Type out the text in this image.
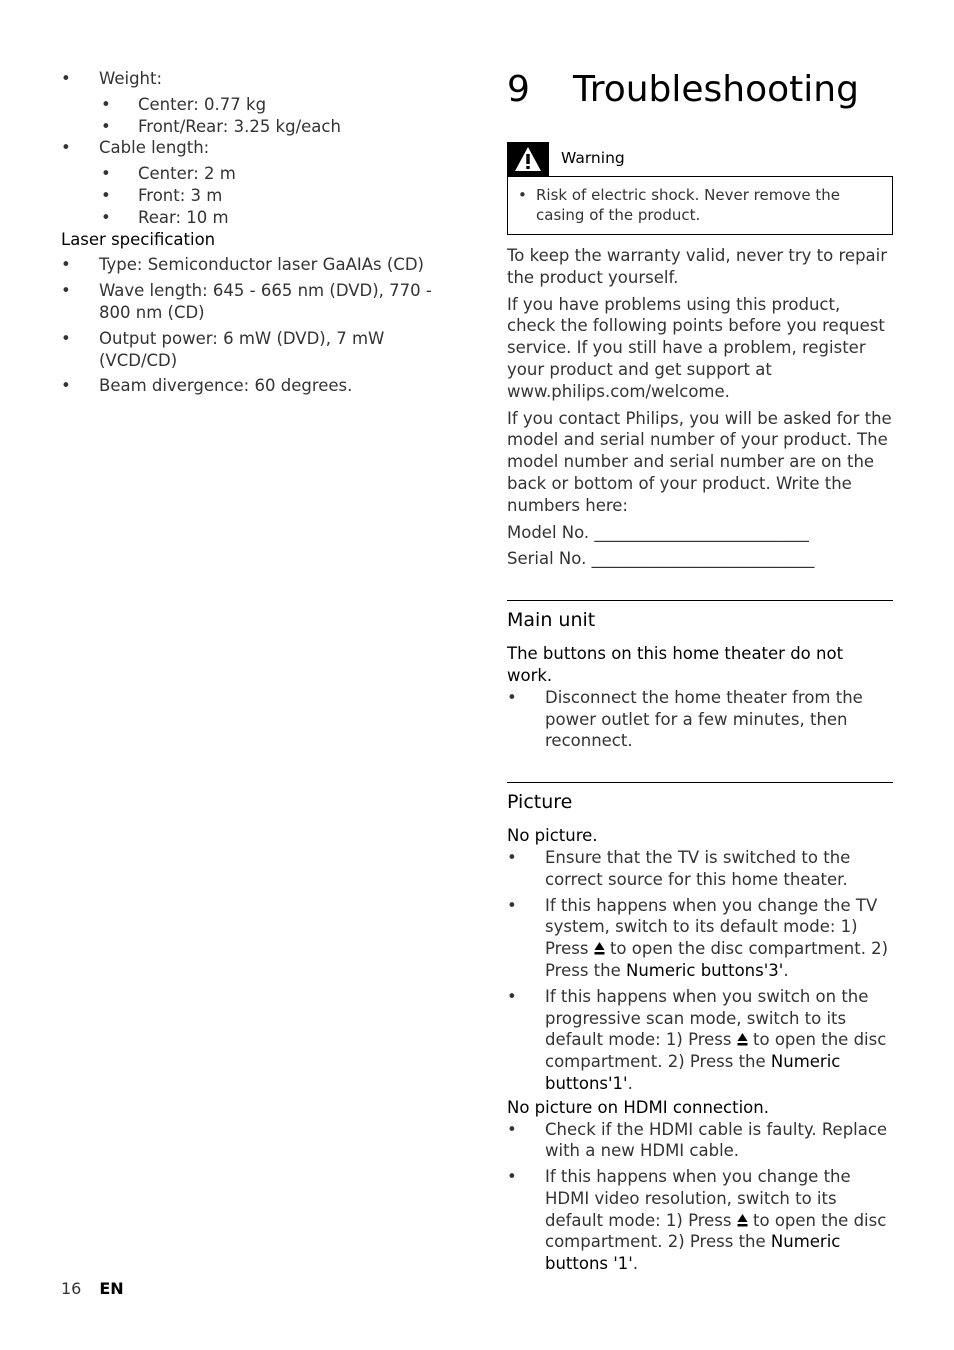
• Weight:
• Center: 0.77 kg
• Front/Rear: 3.25 kg/each
• Cable length:
• Center: 2 m
• Front: 3 m
• Rear: 10 m
Laser specification
• Type: Semiconductor laser GaAIAs (CD)
• Wave length: 645 - 665 nm (DVD), 770 - 800 nm (CD)
• Output power: 6 mW (DVD), 7 mW (VCD/CD)
• Beam divergence: 60 degrees.
9	Troubleshooting
Warning
• Risk of electric shock. Never remove the casing of the product.

To keep the warranty valid, never try to repair the product yourself.

If you have problems using this product, check the following points before you request service. If you still have a problem, register your product and get support at www.philips.com/welcome.

If you contact Philips, you will be asked for the model and serial number of your product. The model number and serial number are on the back or bottom of your product. Write the numbers here:

Model No. __________________________

Serial No. ___________________________

Main unit
The buttons on this home theater do not work.
• Disconnect the home theater from the power outlet for a few minutes, then reconnect.
Picture
No picture.
• Ensure that the TV is switched to the correct source for this home theater.
• If this happens when you change the TV system, switch to its default mode: 1) Press to open the disc compartment. 2) Press the Numeric buttons'3'.
• If this happens when you switch on the progressive scan mode, switch to its default mode: 1) Press to open the disc compartment. 2) Press the Numeric buttons'1'.
No picture on HDMI connection.
• Check if the HDMI cable is faulty. Replace with a new HDMI cable.
• If this happens when you change the HDMI video resolution, switch to its default mode: 1) Press to open the disc compartment. 2) Press the Numeric buttons '1'.
16 EN
